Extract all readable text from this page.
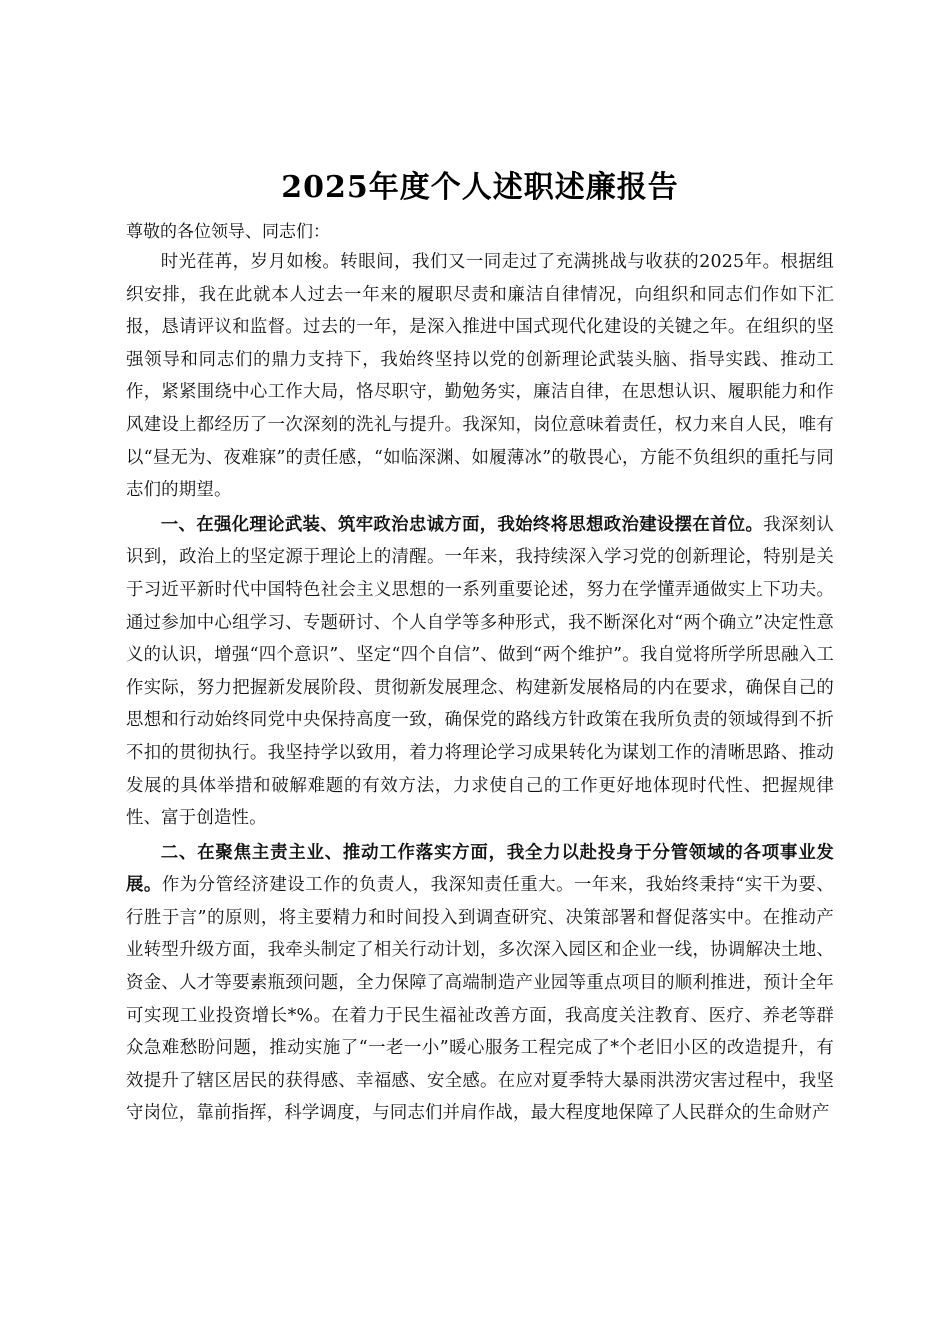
2025年度个人述职述廉报告

尊敬的各位领导、同志们：

时光荏苒，岁月如梭。转眼间，我们又一同走过了充满挑战与收获的2025年。根据组织安排，我在此就本人过去一年来的履职尽责和廉洁自律情况，向组织和同志们作如下汇报，恳请评议和监督。过去的一年，是深入推进中国式现代化建设的关键之年。在组织的坚强领导和同志们的鼎力支持下，我始终坚持以党的创新理论武装头脑、指导实践、推动工作，紧紧围绕中心工作大局，恪尽职守，勤勉务实，廉洁自律，在思想认识、履职能力和作风建设上都经历了一次深刻的洗礼与提升。我深知，岗位意味着责任，权力来自人民，唯有以“昼无为、夜难寐”的责任感，“如临深渊、如履薄冰”的敬畏心，方能不负组织的重托与同志们的期望。

一、在强化理论武装、筑牢政治忠诚方面，我始终将思想政治建设摆在首位。我深刻认识到，政治上的坚定源于理论上的清醒。一年来，我持续深入学习党的创新理论，特别是关于习近平新时代中国特色社会主义思想的一系列重要论述，努力在学懂弄通做实上下功夫。通过参加中心组学习、专题研讨、个人自学等多种形式，我不断深化对“两个确立”决定性意义的认识，增强“四个意识”、坚定“四个自信”、做到“两个维护”。我自觉将所学所思融入工作实际，努力把握新发展阶段、贯彻新发展理念、构建新发展格局的内在要求，确保自己的思想和行动始终同党中央保持高度一致，确保党的路线方针政策在我所负责的领域得到不折不扣的贯彻执行。我坚持学以致用，着力将理论学习成果转化为谋划工作的清晰思路、推动发展的具体举措和破解难题的有效方法，力求使自己的工作更好地体现时代性、把握规律性、富于创造性。

二、在聚焦主责主业、推动工作落实方面，我全力以赴投身于分管领域的各项事业发展。作为分管经济建设工作的负责人，我深知责任重大。一年来，我始终秉持“实干为要、行胜于言”的原则，将主要精力和时间投入到调查研究、决策部署和督促落实中。在推动产业转型升级方面，我牵头制定了相关行动计划，多次深入园区和企业一线，协调解决土地、资金、人才等要素瓶颈问题，全力保障了高端制造产业园等重点项目的顺利推进，预计全年可实现工业投资增长*%。在着力于民生福祉改善方面，我高度关注教育、医疗、养老等群众急难愁盼问题，推动实施了“一老一小”暖心服务工程完成了*个老旧小区的改造提升，有效提升了辖区居民的获得感、幸福感、安全感。在应对夏季特大暴雨洪涝灾害过程中，我坚守岗位，靠前指挥，科学调度，与同志们并肩作战，最大程度地保障了人民群众的生命财产
